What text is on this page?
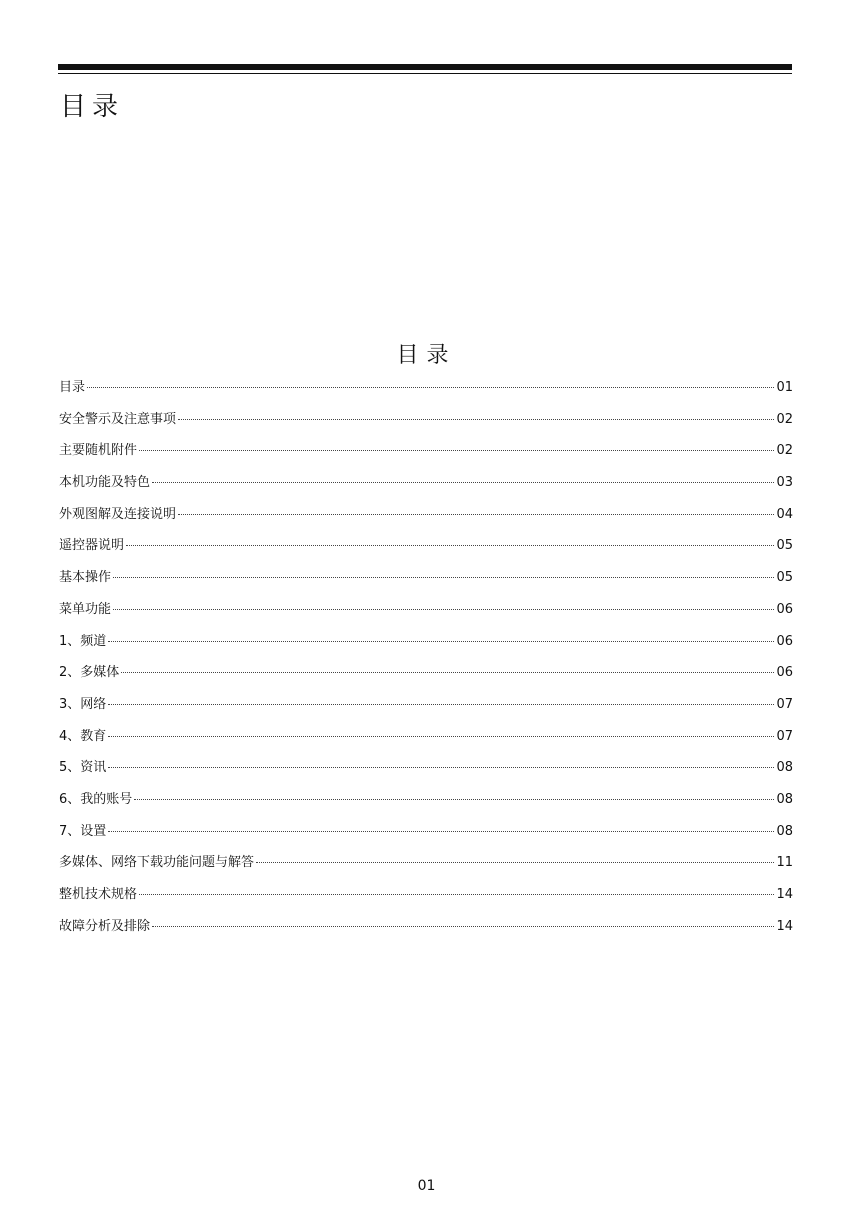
目录
目录
目录	01
安全警示及注意事项	02
主要随机附件	02
本机功能及特色	03
外观图解及连接说明	04
遥控器说明	05
基本操作	05
菜单功能	06
1、频道	06
2、多媒体	06
3、网络	07
4、教育	07
5、资讯	08
6、我的账号	08
7、设置	08
多媒体、网络下载功能问题与解答	11
整机技术规格	14
故障分析及排除	14
01
